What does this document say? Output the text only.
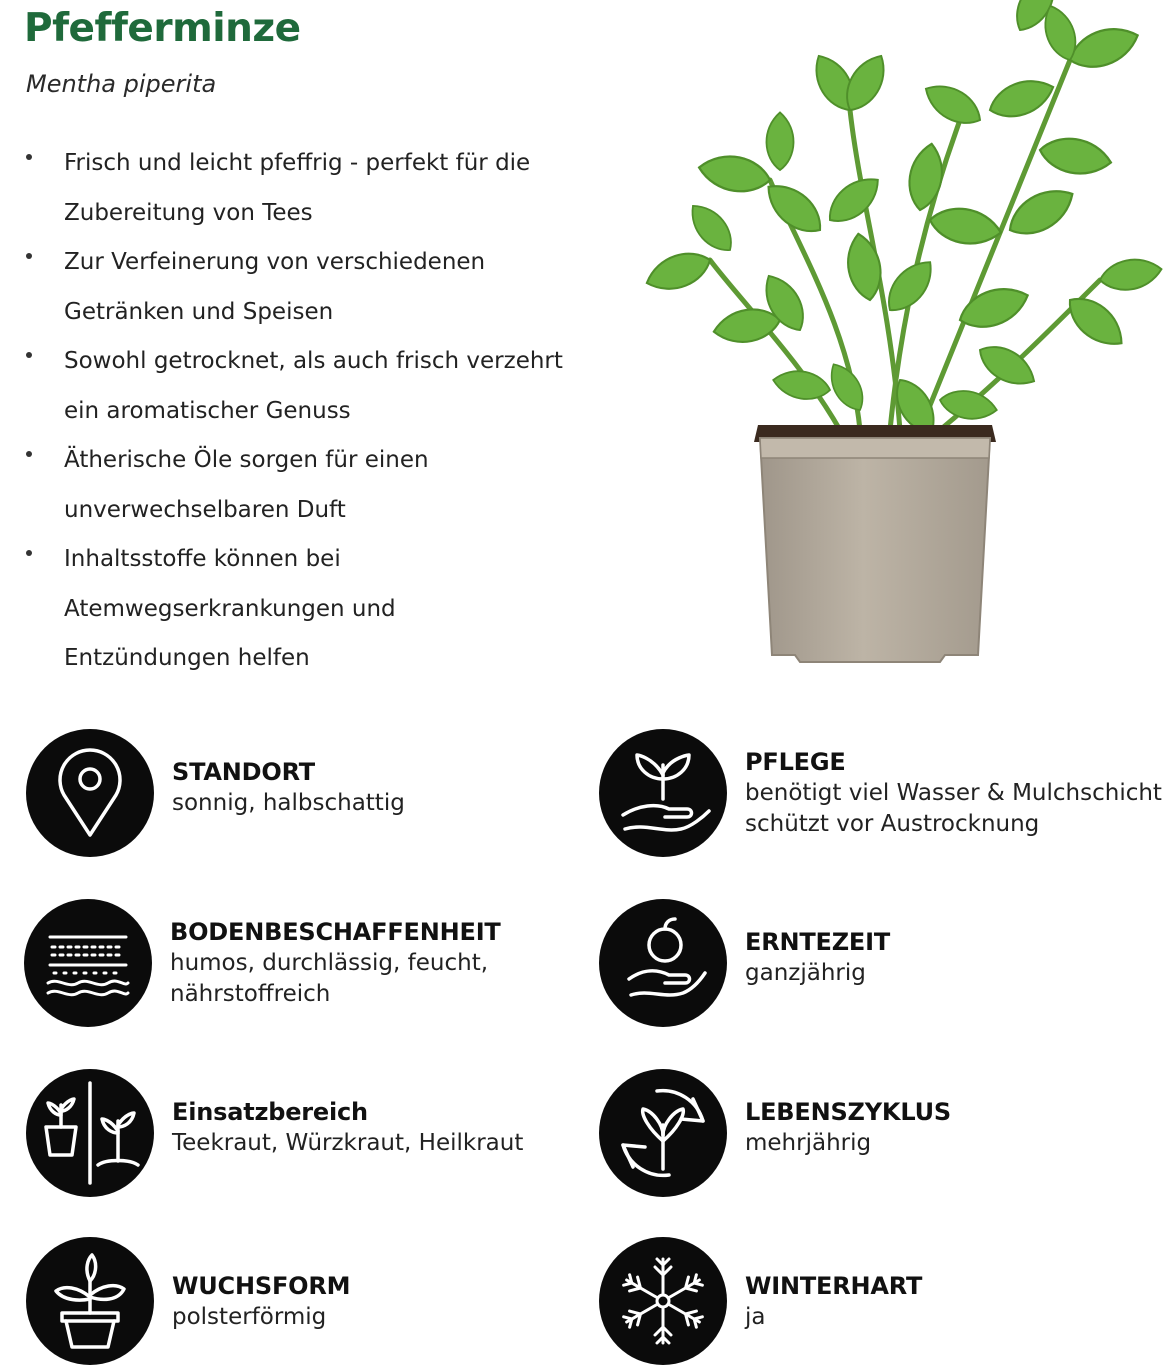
Pfefferminze
Mentha piperita
Frisch und leicht pfeffrig - perfekt für die
Zubereitung von Tees
Zur Verfeinerung von verschiedenen
Getränken und Speisen
Sowohl getrocknet, als auch frisch verzehrt
ein aromatischer Genuss
Ätherische Öle sorgen für einen
unverwechselbaren Duft
Inhaltsstoffe können bei
Atemwegserkrankungen und
Entzündungen helfen
STANDORT
sonnig, halbschattig
PFLEGE
benötigt viel Wasser & Mulchschicht
schützt vor Austrocknung
BODENBESCHAFFENHEIT
humos, durchlässig, feucht,
nährstoffreich
ERNTEZEIT
ganzjährig
Einsatzbereich
Teekraut, Würzkraut, Heilkraut
LEBENSZYKLUS
mehrjährig
WUCHSFORM
polsterförmig
WINTERHART
ja
